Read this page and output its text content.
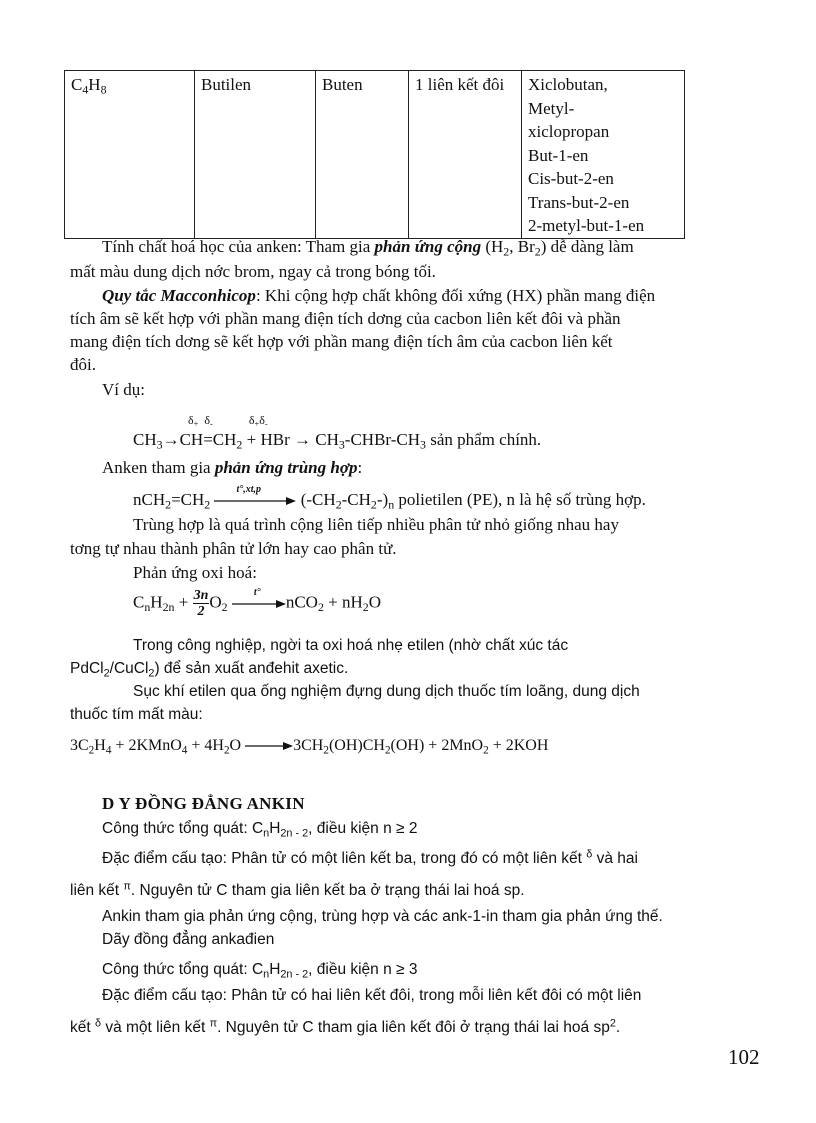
$C_4H_8$	Butilen	Buten	1 liên kết đôi	Xiclobutan,
Metyl-
xiclopropan
But-1-en
Cis-but-2-en
Trans-but-2-en
2-metyl-but-1-en
Tính chất hoá học của anken: Tham gia phản ứng cộng ($H_2$, $Br_2$) dễ dàng làm
mất màu dung dịch nớc brom, ngay cả trong bóng tối.
Quy tắc Macconhicop: Khi cộng hợp chất không đối xứng (HX) phần mang điện
tích âm sẽ kết hợp với phần mang điện tích dơng của cacbon liên kết đôi và phần
mang điện tích dơng sẽ kết hợp với phần mang điện tích âm của cacbon liên kết
đôi.
Ví dụ:
$\delta_+$  $\delta_-$            $\delta_+\delta_-$
$CH_3\to CH=CH_2$ + HBr → $CH_3-CHBr-CH_3$ sản phẩm chính.
Anken tham gia phản ứng trùng hợp:
$nCH_2=CH_2$
t°,xt,p
$(-CH_2-CH_2-)_n$ polietilen (PE), n là hệ số trùng hợp.
Trùng hợp là quá trình cộng liên tiếp nhiều phân tử nhỏ giống nhau hay
tơng tự nhau thành phân tử lớn hay cao phân tử.
Phản ứng oxi hoá:
$C_nH_{2n} + \frac{3n}{2}O_2$
t°
$nCO_2 + nH_2O$
Trong công nghiệp, ngời ta oxi hoá nhẹ etilen (nhờ chất xúc tác
PdCl$_2$/CuCl$_2$) để sản xuất anđehit axetic.
Sục khí etilen qua ống nghiệm đựng dung dịch thuốc tím loãng, dung dịch
thuốc tím mất màu:
$3C_2H_4$ + 2KMnO$_4$ + $4H_2O \to 3CH_2(OH)CH_2(OH) + 2MnO_2 + 2KOH$
D Y ĐỒNG ĐẲNG ANKIN
Công thức tổng quát: $C_nH_{2n - 2}$, điều kiện n ≥ 2
Đặc điểm cấu tạo: Phân tử có một liên kết ba, trong đó có một liên kết $^\delta$ và hai
liên kết $^\pi$. Nguyên tử C tham gia liên kết ba ở trạng thái lai hoá sp.
Ankin tham gia phản ứng cộng, trùng hợp và các ank-1-in tham gia phản ứng thế.
Dãy đồng đẳng ankađien
Công thức tổng quát: $C_nH_{2n - 2}$, điều kiện n ≥ 3
Đặc điểm cấu tạo: Phân tử có hai liên kết đôi, trong mỗi liên kết đôi có một liên
kết $^\delta$ và một liên kết $^\pi$. Nguyên tử C tham gia liên kết đôi ở trạng thái lai hoá $sp^2$.
102
